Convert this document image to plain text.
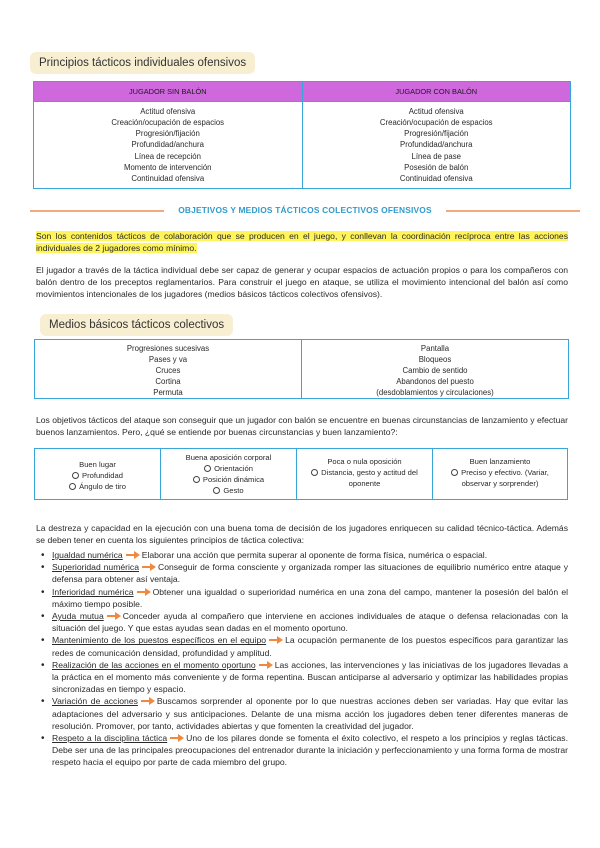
Principios tácticos individuales ofensivos
JUGADOR SIN BALÓN
Actitud ofensiva
Creación/ocupación de espacios
Progresión/fijación
Profundidad/anchura
Línea de recepción
Momento de intervención
Continuidad ofensiva
JUGADOR CON BALÓN
Actitud ofensiva
Creación/ocupación de espacios
Progresión/fijación
Profundidad/anchura
Línea de pase
Posesión de balón
Continuidad ofensiva
OBJETIVOS Y MEDIOS TÁCTICOS COLECTIVOS OFENSIVOS
Son los contenidos tácticos de colaboración que se producen en el juego, y conllevan la coordinación recíproca entre las acciones individuales de 2 jugadores como mínimo.
El jugador a través de la táctica individual debe ser capaz de generar y ocupar espacios de actuación propios o para los compañeros con balón dentro de los preceptos reglamentarios. Para construir el juego en ataque, se utiliza el movimiento intencional del balón así como movimientos intencionales de los jugadores (medios básicos tácticos colectivos ofensivos).
Medios básicos tácticos colectivos
Progresiones sucesivas
Pases y va
Cruces
Cortina
Permuta
Pantalla
Bloqueos
Cambio de sentido
Abandonos del puesto
(desdoblamientos y circulaciones)
Los objetivos tácticos del ataque son conseguir que un jugador con balón se encuentre en buenas circunstancias de lanzamiento y efectuar buenos lanzamientos. Pero, ¿qué se entiende por buenas circunstancias y buen lanzamiento?:
Buen lugar
Profundidad
Ángulo de tiro
Buena aposición corporal
Orientación
Posición dinámica
Gesto
Poca o nula oposición
Distancia, gesto y actitud del oponente
Buen lanzamiento
Preciso y efectivo. (Variar, observar y sorprender)
La destreza y capacidad en la ejecución con una buena toma de decisión de los jugadores enriquecen su calidad técnico-táctica. Además se deben tener en cuenta los siguientes principios de táctica colectiva:
• Igualdad numérica Elaborar una acción que permita superar al oponente de forma física, numérica o espacial.
• Superioridad numérica Conseguir de forma consciente y organizada romper las situaciones de equilibrio numérico entre ataque y defensa para obtener así ventaja.
• Inferioridad numérica Obtener una igualdad o superioridad numérica en una zona del campo, mantener la posesión del balón el máximo tiempo posible.
• Ayuda mutua Conceder ayuda al compañero que interviene en acciones individuales de ataque o defensa relacionadas con la situación del juego. Y que estas ayudas sean dadas en el momento oportuno.
• Mantenimiento de los puestos específicos en el equipo La ocupación permanente de los puestos específicos para garantizar las redes de comunicación densidad, profundidad y amplitud.
• Realización de las acciones en el momento oportuno Las acciones, las intervenciones y las iniciativas de los jugadores llevadas a la práctica en el momento más conveniente y de forma repentina. Buscan anticiparse al adversario y optimizar las habilidades propias sincronizadas en tiempo y espacio.
• Variación de acciones Buscamos sorprender al oponente por lo que nuestras acciones deben ser variadas. Hay que evitar las adaptaciones del adversario y sus anticipaciones. Delante de una misma acción los jugadores deben tener diferentes maneras de resolución. Promover, por tanto, actividades abiertas y que fomenten la creatividad del jugador.
• Respeto a la disciplina táctica Uno de los pilares donde se fomenta el éxito colectivo, el respeto a los principios y reglas tácticas. Debe ser una de las principales preocupaciones del entrenador durante la iniciación y perfeccionamiento y una forma forma de mostrar respeto hacia el equipo por parte de cada miembro del grupo.
